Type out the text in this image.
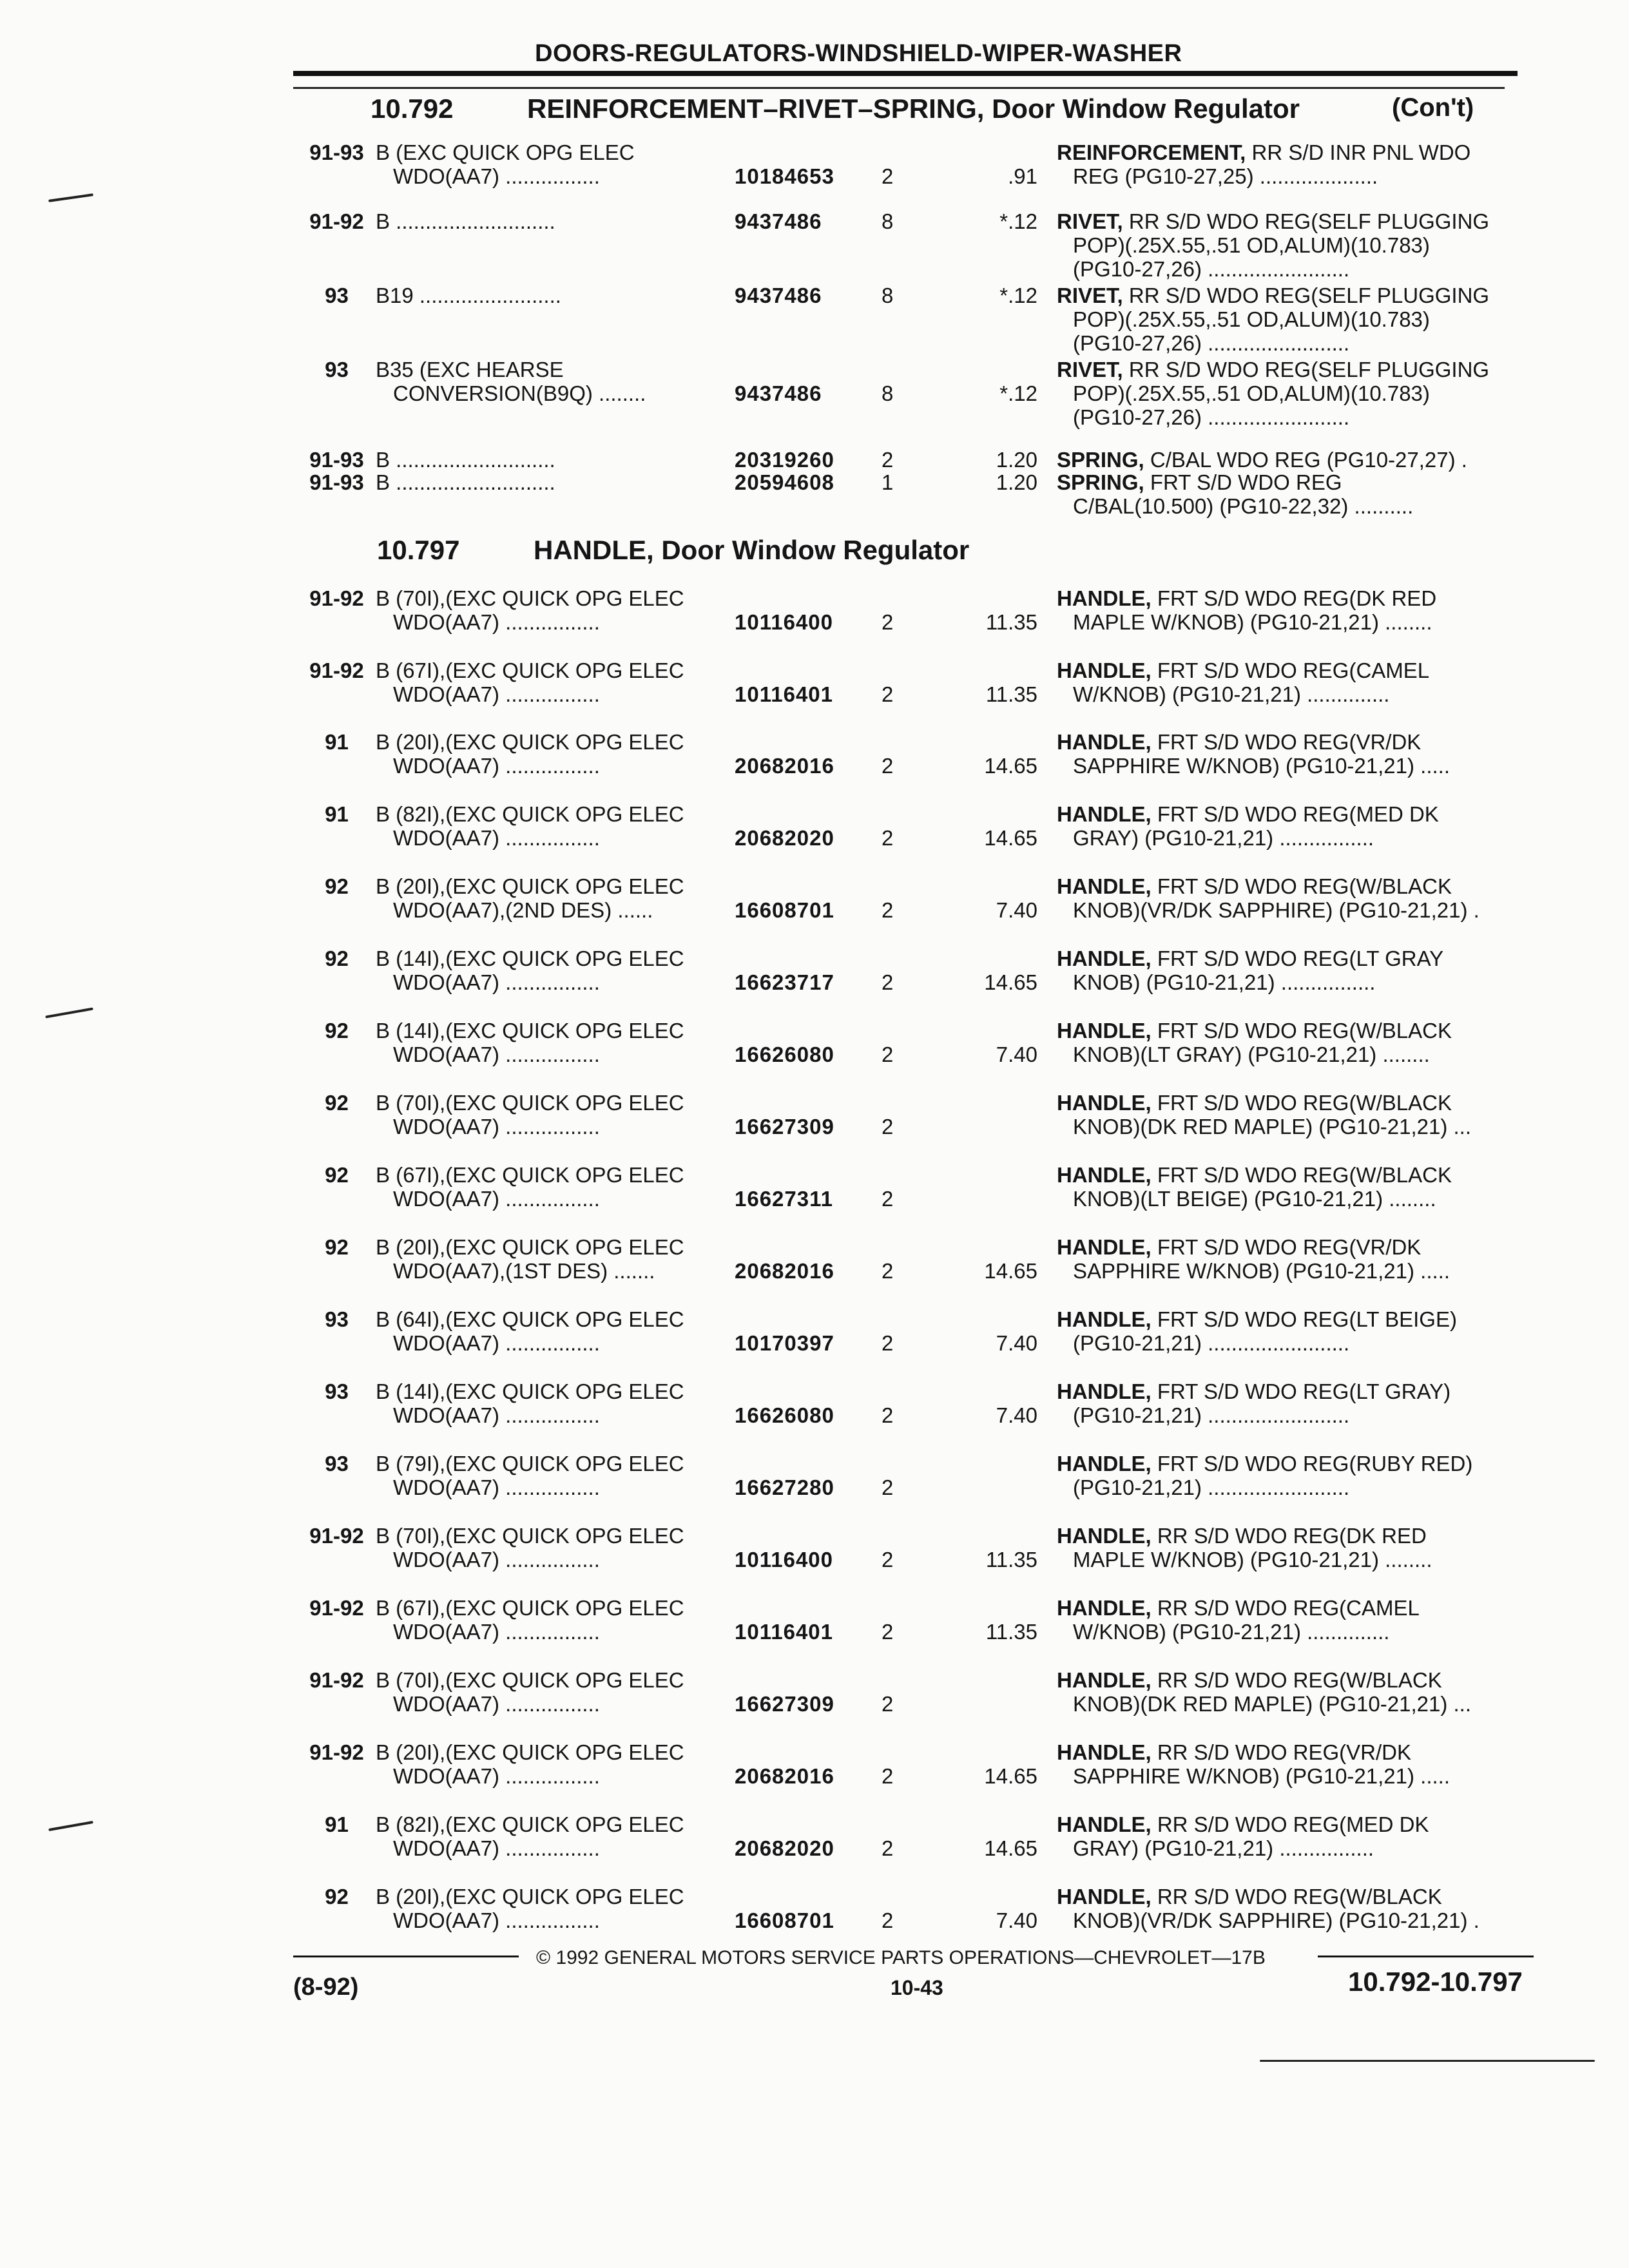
DOORS-REGULATORS-WINDSHIELD-WIPER-WASHER
10.792	REINFORCEMENT–RIVET–SPRING, Door Window Regulator	(Con't)
10.797	HANDLE, Door Window Regulator
91-93 B (EXC QUICK OPG ELEC
WDO(AA7) ................	10184653 2	.91
REINFORCEMENT, RR S/D INR PNL WDO
REG (PG10-27,25) ....................
91-92 B ...........................	9437486	8	*.12 RIVET, RR S/D WDO REG(SELF PLUGGING
POP)(.25X.55,.51 OD,ALUM)(10.783)
(PG10-27,26) ........................
93	B19 ........................	9437486	8	*.12 RIVET, RR S/D WDO REG(SELF PLUGGING
POP)(.25X.55,.51 OD,ALUM)(10.783)
(PG10-27,26) ........................
93	B35 (EXC HEARSE
CONVERSION(B9Q) ........	9437486	8	*.12
RIVET, RR S/D WDO REG(SELF PLUGGING
POP)(.25X.55,.51 OD,ALUM)(10.783)
(PG10-27,26) ........................
91-93 B ...........................	20319260 2	1.20 SPRING, C/BAL WDO REG (PG10-27,27) .
91-93 B ...........................	20594608 1	1.20 SPRING, FRT S/D WDO REG
C/BAL(10.500) (PG10-22,32) ..........
91-92 B (70I),(EXC QUICK OPG ELEC
WDO(AA7) ................	10116400 2	11.35
HANDLE, FRT S/D WDO REG(DK RED
MAPLE W/KNOB) (PG10-21,21) ........
91-92 B (67I),(EXC QUICK OPG ELEC
WDO(AA7) ................	10116401 2	11.35
HANDLE, FRT S/D WDO REG(CAMEL
W/KNOB) (PG10-21,21) ..............
91	B (20I),(EXC QUICK OPG ELEC
WDO(AA7) ................	20682016 2	14.65
HANDLE, FRT S/D WDO REG(VR/DK
SAPPHIRE W/KNOB) (PG10-21,21) .....
91	B (82I),(EXC QUICK OPG ELEC
WDO(AA7) ................	20682020 2	14.65
HANDLE, FRT S/D WDO REG(MED DK
GRAY) (PG10-21,21) ................
92	B (20I),(EXC QUICK OPG ELEC
WDO(AA7),(2ND DES) ......	16608701 2	7.40
HANDLE, FRT S/D WDO REG(W/BLACK
KNOB)(VR/DK SAPPHIRE) (PG10-21,21) .
92	B (14I),(EXC QUICK OPG ELEC
WDO(AA7) ................	16623717 2	14.65
HANDLE, FRT S/D WDO REG(LT GRAY
KNOB) (PG10-21,21) ................
92	B (14I),(EXC QUICK OPG ELEC
WDO(AA7) ................	16626080 2	7.40
HANDLE, FRT S/D WDO REG(W/BLACK
KNOB)(LT GRAY) (PG10-21,21) ........
92	B (70I),(EXC QUICK OPG ELEC
WDO(AA7) ................	16627309 2
HANDLE, FRT S/D WDO REG(W/BLACK
KNOB)(DK RED MAPLE) (PG10-21,21) ...
92	B (67I),(EXC QUICK OPG ELEC
WDO(AA7) ................	16627311 2
HANDLE, FRT S/D WDO REG(W/BLACK
KNOB)(LT BEIGE) (PG10-21,21) ........
92	B (20I),(EXC QUICK OPG ELEC
WDO(AA7),(1ST DES) .......	20682016 2	14.65
HANDLE, FRT S/D WDO REG(VR/DK
SAPPHIRE W/KNOB) (PG10-21,21) .....
93	B (64I),(EXC QUICK OPG ELEC
WDO(AA7) ................	10170397 2	7.40
HANDLE, FRT S/D WDO REG(LT BEIGE)
(PG10-21,21) ........................
93	B (14I),(EXC QUICK OPG ELEC
WDO(AA7) ................	16626080 2	7.40
HANDLE, FRT S/D WDO REG(LT GRAY)
(PG10-21,21) ........................
93	B (79I),(EXC QUICK OPG ELEC
WDO(AA7) ................	16627280 2
HANDLE, FRT S/D WDO REG(RUBY RED)
(PG10-21,21) ........................
91-92 B (70I),(EXC QUICK OPG ELEC
WDO(AA7) ................	10116400 2	11.35
HANDLE, RR S/D WDO REG(DK RED
MAPLE W/KNOB) (PG10-21,21) ........
91-92 B (67I),(EXC QUICK OPG ELEC
WDO(AA7) ................	10116401 2	11.35
HANDLE, RR S/D WDO REG(CAMEL
W/KNOB) (PG10-21,21) ..............
91-92 B (70I),(EXC QUICK OPG ELEC
WDO(AA7) ................	16627309 2
HANDLE, RR S/D WDO REG(W/BLACK
KNOB)(DK RED MAPLE) (PG10-21,21) ...
91-92 B (20I),(EXC QUICK OPG ELEC
WDO(AA7) ................	20682016 2	14.65
HANDLE, RR S/D WDO REG(VR/DK
SAPPHIRE W/KNOB) (PG10-21,21) .....
91	B (82I),(EXC QUICK OPG ELEC
WDO(AA7) ................	20682020 2	14.65
HANDLE, RR S/D WDO REG(MED DK
GRAY) (PG10-21,21) ................
92	B (20I),(EXC QUICK OPG ELEC
WDO(AA7) ................	16608701 2	7.40
HANDLE, RR S/D WDO REG(W/BLACK
KNOB)(VR/DK SAPPHIRE) (PG10-21,21) .
© 1992 GENERAL MOTORS SERVICE PARTS OPERATIONS—CHEVROLET—17B
(8-92)	10-43	10.792-10.797
